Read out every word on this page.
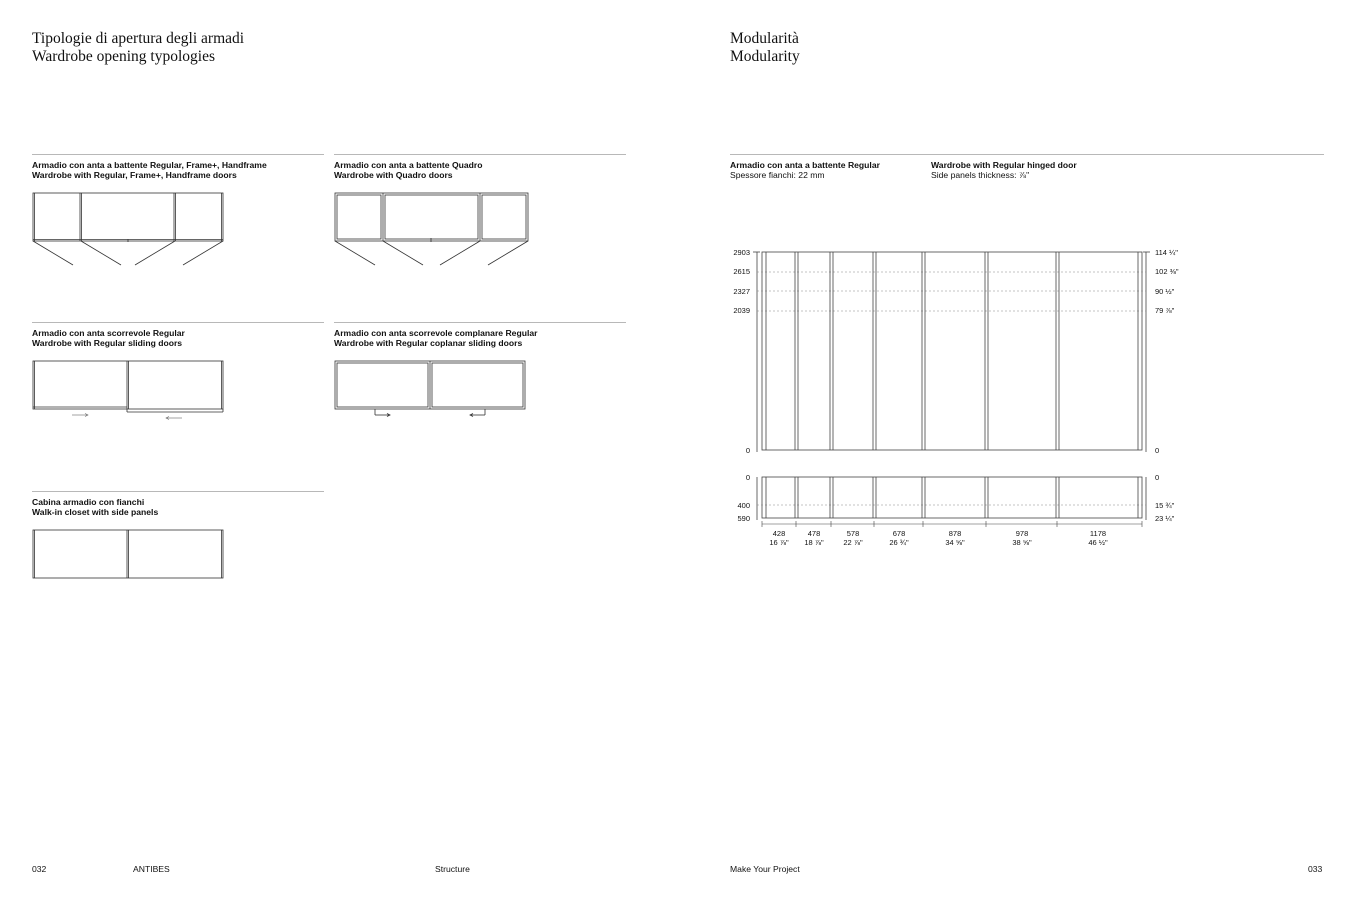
Tipologie di apertura degli armadi
Wardrobe opening typologies
Armadio con anta a battente Regular, Frame+, Handframe
Wardrobe with Regular, Frame+, Handframe doors
Armadio con anta a battente Quadro
Wardrobe with Quadro doors
Armadio con anta scorrevole Regular
Wardrobe with Regular sliding doors
Armadio con anta scorrevole complanare Regular
Wardrobe with Regular coplanar sliding doors
Cabina armadio con fianchi
Walk-in closet with side panels
Modularità
Modularity
Armadio con anta a battente Regular
Spessore fianchi: 22 mm
Wardrobe with Regular hinged door
Side panels thickness: ⅞"
2903
2615
2327
2039
0
0
400
590
114 ¼"
102 ⅜"
90 ½"
79 ⅞"
0
0
15 ¾"
23 ¼"
428
16 ⅞"
478
18 ⅞"
578
22 ⅞"
678
26 ¾"
878
34 ⅝"
978
38 ⅝"
1178
46 ½"
032	ANTIBES	Structure	Make Your Project	033
